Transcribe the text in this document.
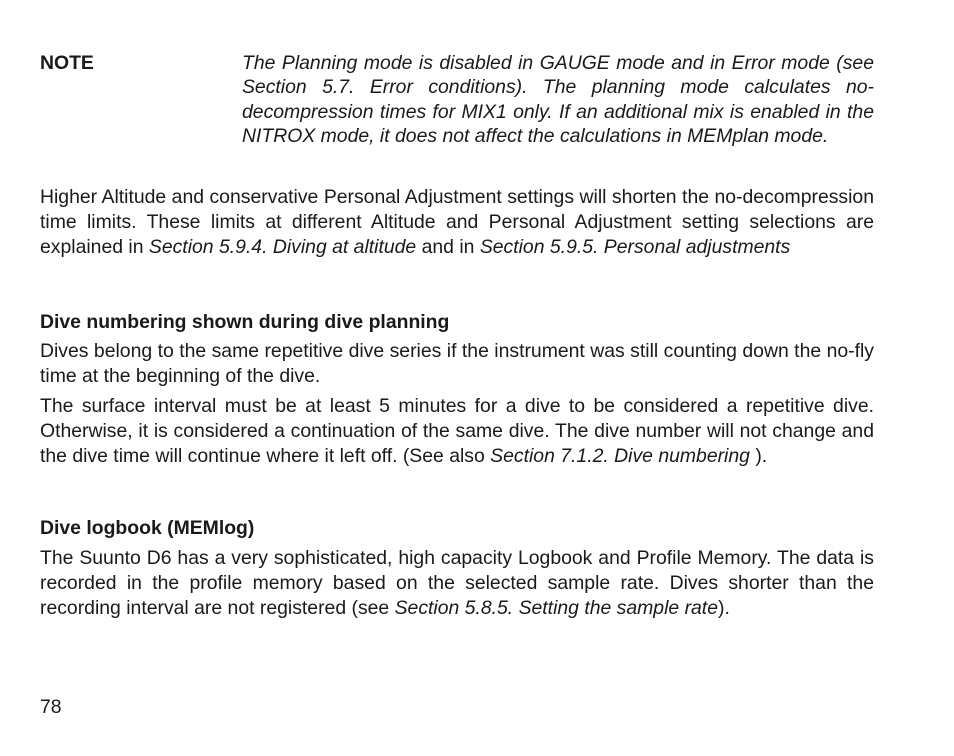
NOTE	The Planning mode is disabled in GAUGE mode and in Error mode (see Section 5.7. Error conditions). The planning mode calculates no-decompression times for MIX1 only. If an additional mix is enabled in the NITROX mode, it does not affect the calculations in MEMplan mode.

Higher Altitude and conservative Personal Adjustment settings will shorten the no-decompression time limits. These limits at different Altitude and Personal Adjustment setting selections are explained in Section 5.9.4. Diving at altitude and in Section 5.9.5. Personal adjustments

Dive numbering shown during dive planning

Dives belong to the same repetitive dive series if the instrument was still counting down the no-fly time at the beginning of the dive.

The surface interval must be at least 5 minutes for a dive to be considered a repetitive dive. Otherwise, it is considered a continuation of the same dive. The dive number will not change and the dive time will continue where it left off. (See also Section 7.1.2. Dive numbering ).

Dive logbook (MEMlog)

The Suunto D6 has a very sophisticated, high capacity Logbook and Profile Memory. The data is recorded in the profile memory based on the selected sample rate. Dives shorter than the recording interval are not registered (see Section 5.8.5. Setting the sample rate).

78
